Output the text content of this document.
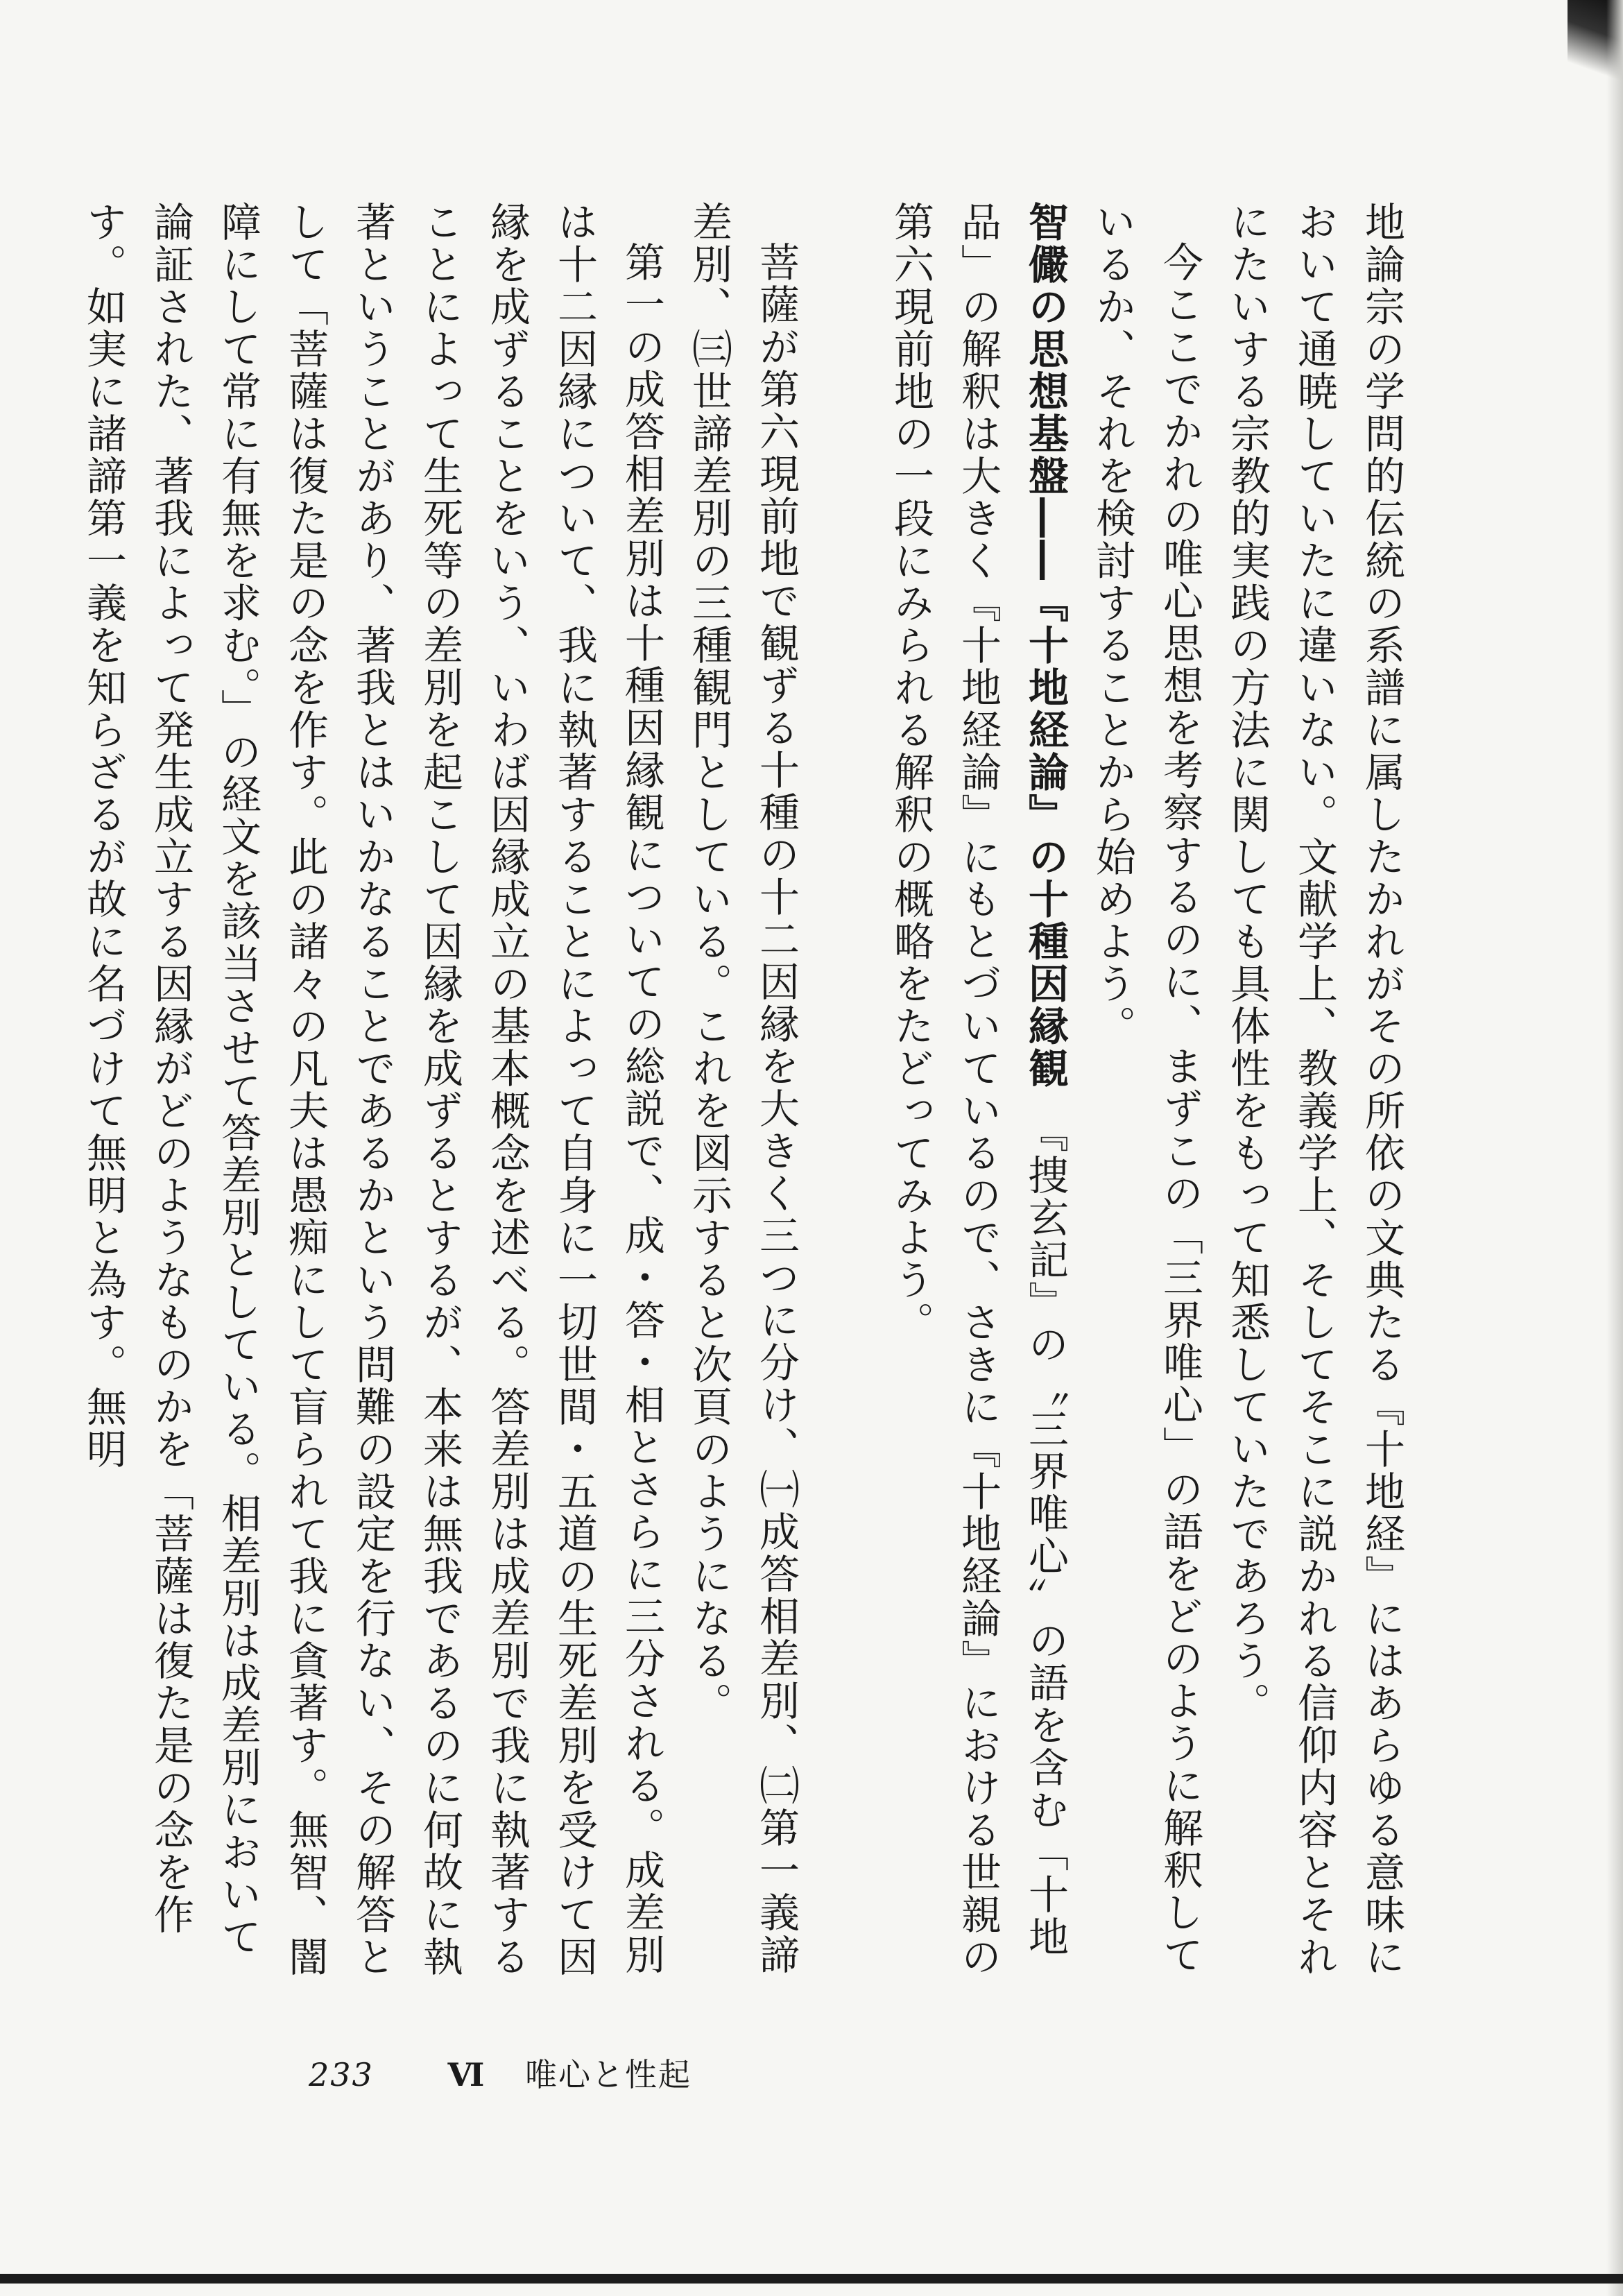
地論宗の学問的伝統の系譜に属したかれがその所依の文典たる『十地経』にはあらゆる意味において通暁していたに違いない。文献学上、教義学上、そしてそこに説かれる信仰内容とそれにたいする宗教的実践の方法に関しても具体性をもって知悉していたであろう。

今ここでかれの唯心思想を考察するのに、まずこの「三界唯心」の語をどのように解釈しているか、それを検討することから始めよう。

智儼の思想基盤――『十地経論』の十種因縁観　『捜玄記』の〝三界唯心〟の語を含む「十地品」の解釈は大きく『十地経論』にもとづいているので、さきに『十地経論』における世親の第六現前地の一段にみられる解釈の概略をたどってみよう。

菩薩が第六現前地で観ずる十種の十二因縁を大きく三つに分け、㈠成答相差別、㈡第一義諦差別、㈢世諦差別の三種観門としている。これを図示すると次頁のようになる。

第一の成答相差別は十種因縁観についての総説で、成・答・相とさらに三分される。成差別は十二因縁について、我に執著することによって自身に一切世間・五道の生死差別を受けて因縁を成ずることをいう、いわば因縁成立の基本概念を述べる。答差別は成差別で我に執著することによって生死等の差別を起こして因縁を成ずるとするが、本来は無我であるのに何故に執著ということがあり、著我とはいかなることであるかという問難の設定を行ない、その解答として「菩薩は復た是の念を作す。此の諸々の凡夫は愚痴にして盲られて我に貪著す。無智、闇障にして常に有無を求む。」の経文を該当させて答差別としている。相差別は成差別において論証された、著我によって発生成立する因縁がどのようなものかを「菩薩は復た是の念を作す。如実に諸諦第一義を知らざるが故に名づけて無明と為す。無明

233 Ⅵ 唯心と性起
